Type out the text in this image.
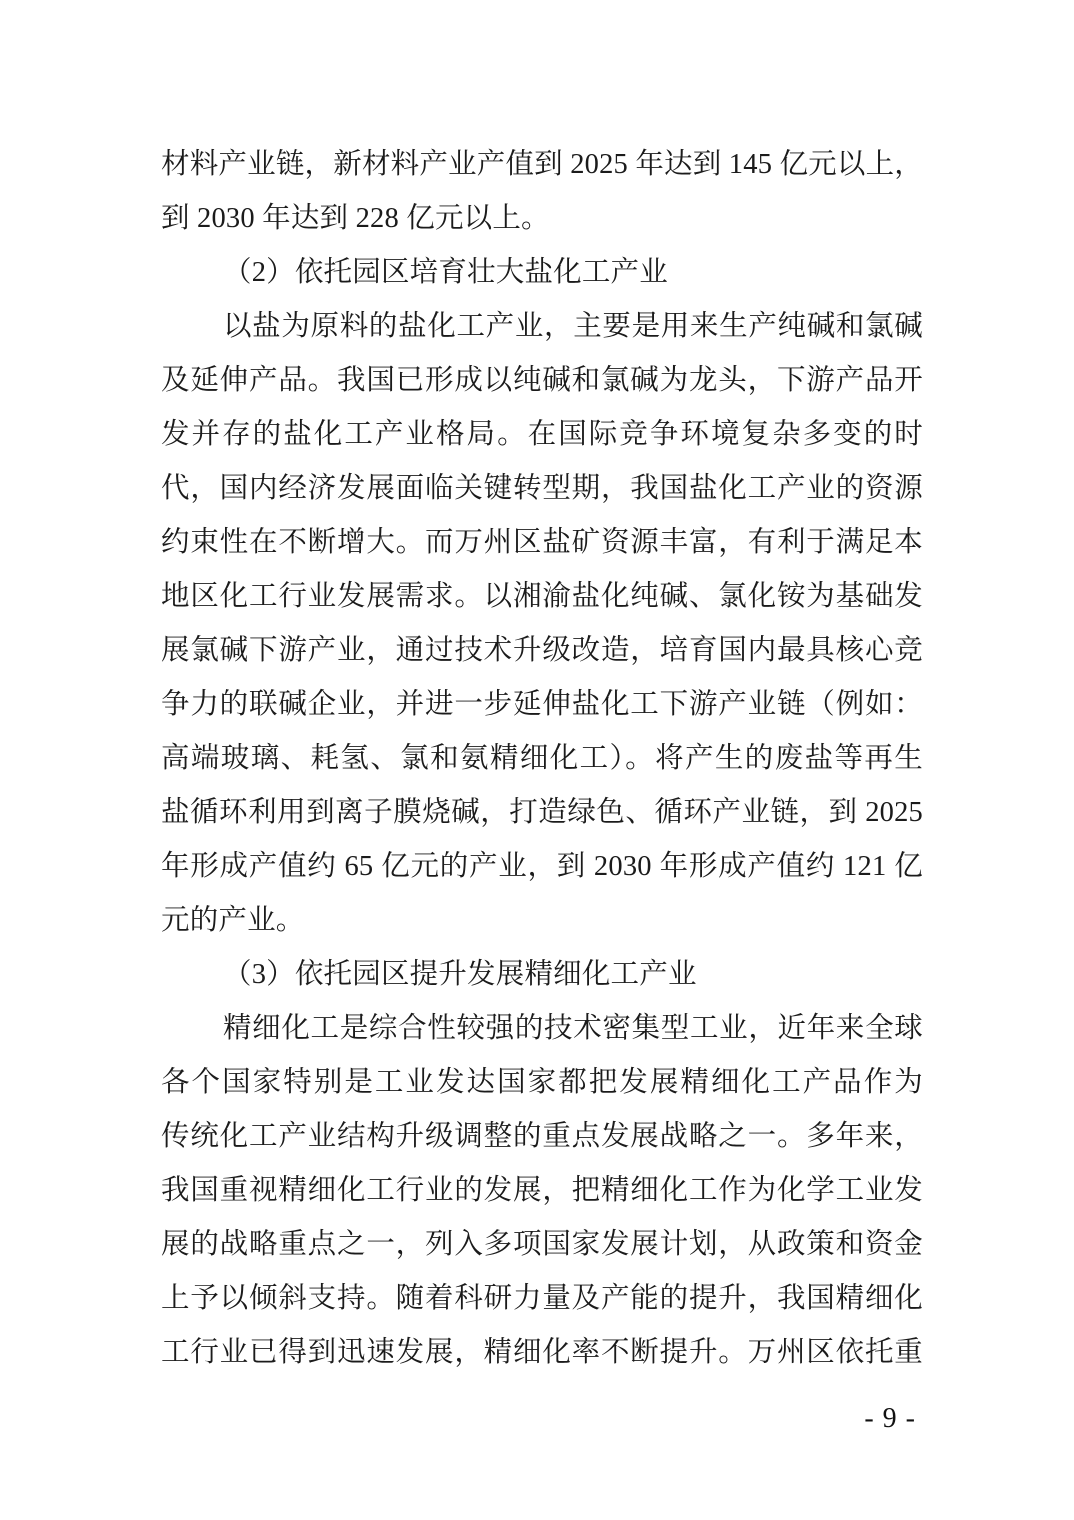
材料产业链，新材料产业产值到 2025 年达到 145 亿元以上，
到 2030 年达到 228 亿元以上。
（2）依托园区培育壮大盐化工产业
以盐为原料的盐化工产业，主要是用来生产纯碱和氯碱
及延伸产品。我国已形成以纯碱和氯碱为龙头，下游产品开
发并存的盐化工产业格局。在国际竞争环境复杂多变的时
代，国内经济发展面临关键转型期，我国盐化工产业的资源
约束性在不断增大。而万州区盐矿资源丰富，有利于满足本
地区化工行业发展需求。以湘渝盐化纯碱、氯化铵为基础发
展氯碱下游产业，通过技术升级改造，培育国内最具核心竞
争力的联碱企业，并进一步延伸盐化工下游产业链（例如：
高端玻璃、耗氢、氯和氨精细化工）。将产生的废盐等再生
盐循环利用到离子膜烧碱，打造绿色、循环产业链，到 2025
年形成产值约 65 亿元的产业，到 2030 年形成产值约 121 亿
元的产业。
（3）依托园区提升发展精细化工产业
精细化工是综合性较强的技术密集型工业，近年来全球
各个国家特别是工业发达国家都把发展精细化工产品作为
传统化工产业结构升级调整的重点发展战略之一。多年来，
我国重视精细化工行业的发展，把精细化工作为化学工业发
展的战略重点之一，列入多项国家发展计划，从政策和资金
上予以倾斜支持。随着科研力量及产能的提升，我国精细化
工行业已得到迅速发展，精细化率不断提升。万州区依托重
- 9 -
